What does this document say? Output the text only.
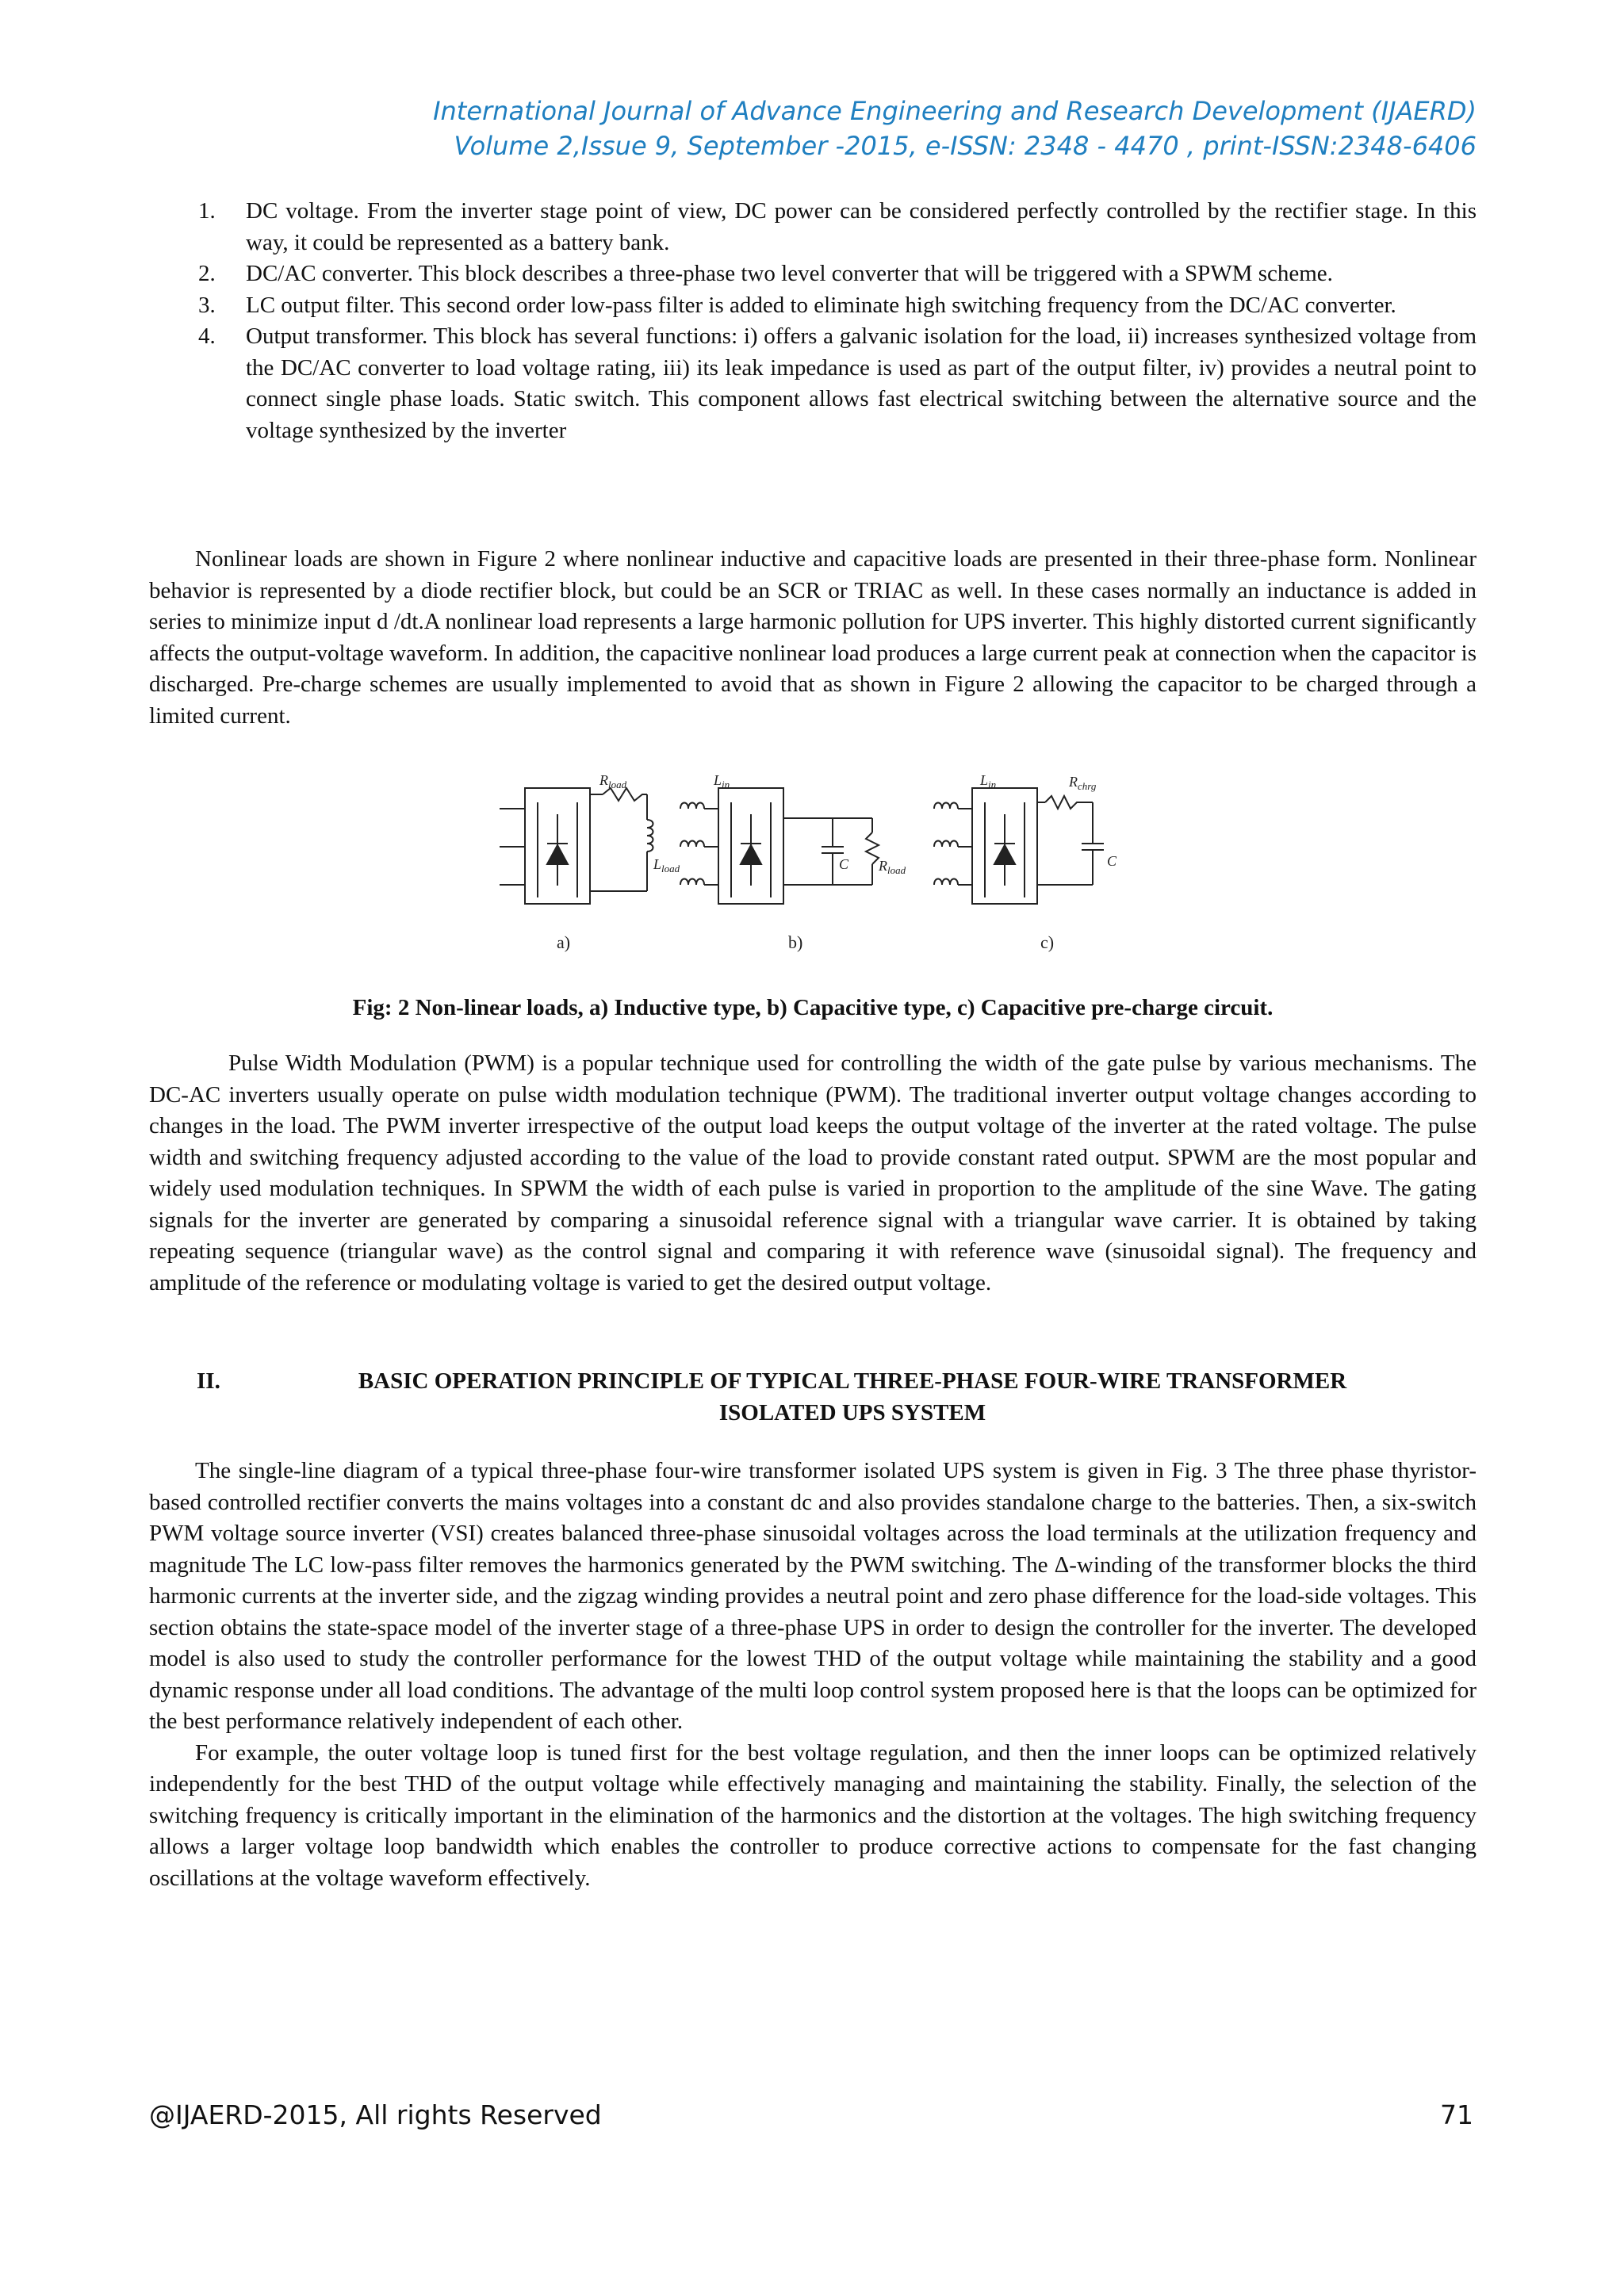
International Journal of Advance Engineering and Research Development (IJAERD)
Volume 2,Issue 9, September -2015, e-ISSN: 2348 - 4470 , print-ISSN:2348-6406
1. DC voltage. From the inverter stage point of view, DC power can be considered perfectly controlled by the rectifier stage. In this way, it could be represented as a battery bank.
2. DC/AC converter. This block describes a three-phase two level converter that will be triggered with a SPWM scheme.
3. LC output filter. This second order low-pass filter is added to eliminate high switching frequency from the DC/AC converter.
4. Output transformer. This block has several functions: i) offers a galvanic isolation for the load, ii) increases synthesized voltage from the DC/AC converter to load voltage rating, iii) its leak impedance is used as part of the output filter, iv) provides a neutral point to connect single phase loads. Static switch. This component allows fast electrical switching between the alternative source and the voltage synthesized by the inverter

Nonlinear loads are shown in Figure 2 where nonlinear inductive and capacitive loads are presented in their three-phase form. Nonlinear behavior is represented by a diode rectifier block, but could be an SCR or TRIAC as well. In these cases normally an inductance is added in series to minimize input d /dt.A nonlinear load represents a large harmonic pollution for UPS inverter. This highly distorted current significantly affects the output-voltage waveform. In addition, the capacitive nonlinear load produces a large current peak at connection when the capacitor is discharged. Pre-charge schemes are usually implemented to avoid that as shown in Figure 2 allowing the capacitor to be charged through a limited current.

$R_{load}$
$L_{load}$
$L_{in}$
C $R_{load}$
$L_{in}$	$R_{chrg}$
C
a)	b)	c)
Fig: 2 Non-linear loads, a) Inductive type, b) Capacitive type, c) Capacitive pre-charge circuit.

Pulse Width Modulation (PWM) is a popular technique used for controlling the width of the gate pulse by various mechanisms. The DC-AC inverters usually operate on pulse width modulation technique (PWM). The traditional inverter output voltage changes according to changes in the load. The PWM inverter irrespective of the output load keeps the output voltage of the inverter at the rated voltage. The pulse width and switching frequency adjusted according to the value of the load to provide constant rated output. SPWM are the most popular and widely used modulation techniques. In SPWM the width of each pulse is varied in proportion to the amplitude of the sine Wave. The gating signals for the inverter are generated by comparing a sinusoidal reference signal with a triangular wave carrier. It is obtained by taking repeating sequence (triangular wave) as the control signal and comparing it with reference wave (sinusoidal signal). The frequency and amplitude of the reference or modulating voltage is varied to get the desired output voltage.

II.	BASIC OPERATION PRINCIPLE OF TYPICAL THREE-PHASE FOUR-WIRE TRANSFORMER
ISOLATED UPS SYSTEM

The single-line diagram of a typical three-phase four-wire transformer isolated UPS system is given in Fig. 3 The three phase thyristor-based controlled rectifier converts the mains voltages into a constant dc and also provides standalone charge to the batteries. Then, a six-switch PWM voltage source inverter (VSI) creates balanced three-phase sinusoidal voltages across the load terminals at the utilization frequency and magnitude The LC low-pass filter removes the harmonics generated by the PWM switching. The Δ-winding of the transformer blocks the third harmonic currents at the inverter side, and the zigzag winding provides a neutral point and zero phase difference for the load-side voltages. This section obtains the state-space model of the inverter stage of a three-phase UPS in order to design the controller for the inverter. The developed model is also used to study the controller performance for the lowest THD of the output voltage while maintaining the stability and a good dynamic response under all load conditions. The advantage of the multi loop control system proposed here is that the loops can be optimized for the best performance relatively independent of each other.

For example, the outer voltage loop is tuned first for the best voltage regulation, and then the inner loops can be optimized relatively independently for the best THD of the output voltage while effectively managing and maintaining the stability. Finally, the selection of the switching frequency is critically important in the elimination of the harmonics and the distortion at the voltages. The high switching frequency allows a larger voltage loop bandwidth which enables the controller to produce corrective actions to compensate for the fast changing oscillations at the voltage waveform effectively.

@IJAERD-2015, All rights Reserved	71
